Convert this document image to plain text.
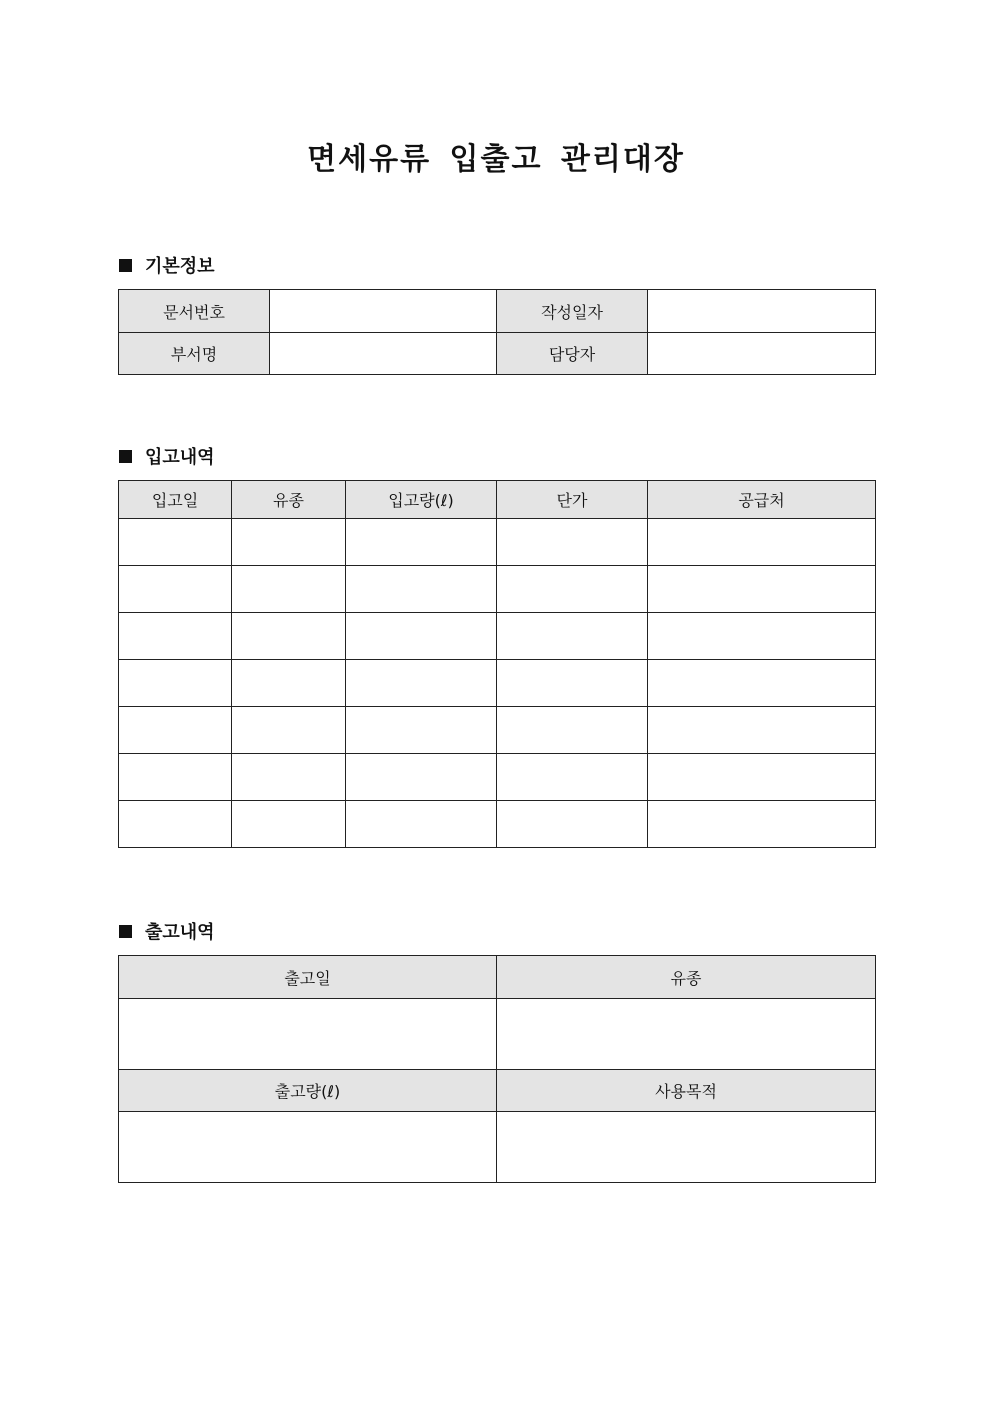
면세유류 입출고 관리대장
기본정보
문서번호		작성일자	
부서명		담당자	
입고내역
입고일	유종	입고량(ℓ)	단가	공급처

출고내역
출고일	유종

출고량(ℓ)	사용목적
